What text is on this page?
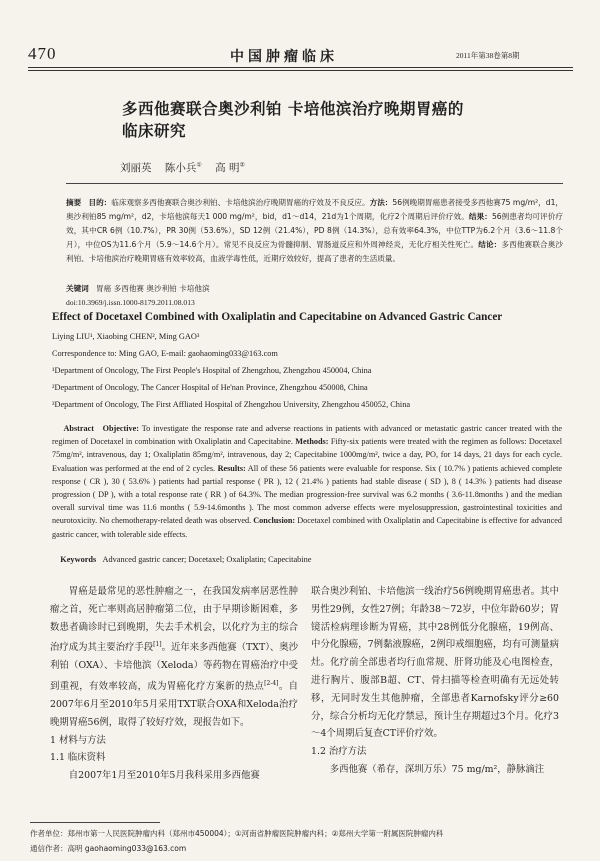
470	中国肿瘤临床	2011年第38卷第8期
多西他赛联合奥沙利铂 卡培他滨治疗晚期胃癌的
临床研究
刘丽英 陈小兵① 高 明②
摘要 目的：临床观察多西他赛联合奥沙利铂、卡培他滨治疗晚期胃癌的疗效及不良反应。方法：56例晚期胃癌患者接受多西他赛75 mg/m²，d1，奥沙利铂85 mg/m²，d2，卡培他滨每天1 000 mg/m²，bid，d1～d14，21d为1个周期，化疗2个周期后评价疗效。结果：56例患者均可评价疗效，其中CR 6例（10.7%），PR 30例（53.6%），SD 12例（21.4%），PD 8例（14.3%），总有效率64.3%，中位TTP为6.2个月（3.6～11.8个月），中位OS为11.6个月（5.9～14.6个月）。常见不良反应为骨髓抑制、胃肠道反应和外周神经炎，无化疗相关性死亡。结论：多西他赛联合奥沙利铂、卡培他滨治疗晚期胃癌有效率较高，血液学毒性低，近期疗效较好，提高了患者的生活质量。
关键词 胃癌 多西他赛 奥沙利铂 卡培他滨
doi:10.3969/j.issn.1000-8179.2011.08.013
Effect of Docetaxel Combined with Oxaliplatin and Capecitabine on Advanced Gastric Cancer
Liying LIU¹, Xiaobing CHEN², Ming GAO³
Correspondence to: Ming GAO, E-mail: gaohaoming033@163.com
¹Department of Oncology, The First People's Hospital of Zhengzhou, Zhengzhou 450004, China
²Department of Oncology, The Cancer Hospital of He'nan Province, Zhengzhou 450008, China
³Department of Oncology, The First Affliated Hospital of Zhengzhou University, Zhengzhou 450052, China
Abstract Objective: To investigate the response rate and adverse reactions in patients with advanced or metastatic gastric cancer treated with the regimen of Docetaxel in combination with Oxaliplatin and Capecitabine. Methods: Fifty-six patients were treated with the regimen as follows: Docetaxel 75mg/m², intravenous, day 1; Oxaliplatin 85mg/m², intravenous, day 2; Capecitabine 1000mg/m², twice a day, PO, for 14 days, 21 days for each cycle. Evaluation was performed at the end of 2 cycles. Results: All of these 56 patients were evaluable for response. Six ( 10.7% ) patients achieved complete response ( CR ), 30 ( 53.6% ) patients had partial response ( PR ), 12 ( 21.4% ) patients had stable disease ( SD ), 8 ( 14.3% ) patients had disease progression ( DP ), with a total response rate ( RR ) of 64.3%. The median progression-free survival was 6.2 months ( 3.6-11.8months ) and the median overall survival time was 11.6 months ( 5.9-14.6months ). The most common adverse effects were myelosuppression, gastrointestinal toxicities and neurotoxicity. No chemotherapy-related death was observed. Conclusion: Docetaxel combined with Oxaliplatin and Capecitabine is effective for advanced gastric cancer, with tolerable side effects.
Keywords Advanced gastric cancer; Docetaxel; Oxaliplatin; Capecitabine

胃癌是最常见的恶性肿瘤之一，在我国发病率居恶性肿瘤之首，死亡率则高居肿瘤第二位，由于早期诊断困难，多数患者确诊时已到晚期，失去手术机会，以化疗为主的综合治疗成为其主要治疗手段[1]。近年来多西他赛（TXT）、奥沙利铂（OXA）、卡培他滨（Xeloda）等药物在胃癌治疗中受到重视，有效率较高，成为胃癌化疗方案新的热点[2-4]。自2007年6月至2010年5月采用TXT联合OXA和Xeloda治疗晚期胃癌56例，取得了较好疗效，现报告如下。

1 材料与方法

1.1 临床资料

自2007年1月至2010年5月我科采用多西他赛

联合奥沙利铂、卡培他滨一线治疗56例晚期胃癌患者。其中男性29例，女性27例；年龄38～72岁，中位年龄60岁；胃镜活检病理诊断为胃癌，其中28例低分化腺癌，19例高、中分化腺癌，7例黏液腺癌，2例印戒细胞癌，均有可测量病灶。化疗前全部患者均行血常规、肝肾功能及心电图检查，进行胸片、腹部B超、CT、骨扫描等检查明确有无远处转移，无同时发生其他肿瘤，全部患者Karnofsky评分≥60分，综合分析均无化疗禁忌，预计生存期超过3个月。化疗3～4个周期后复查CT评价疗效。

1.2 治疗方法

多西他赛（希存，深圳万乐）75 mg/m²，静脉滴注

作者单位：郑州市第一人民医院肿瘤内科（郑州市450004）；①河南省肿瘤医院肿瘤内科；②郑州大学第一附属医院肿瘤内科
通信作者：高明 gaohaoming033@163.com
